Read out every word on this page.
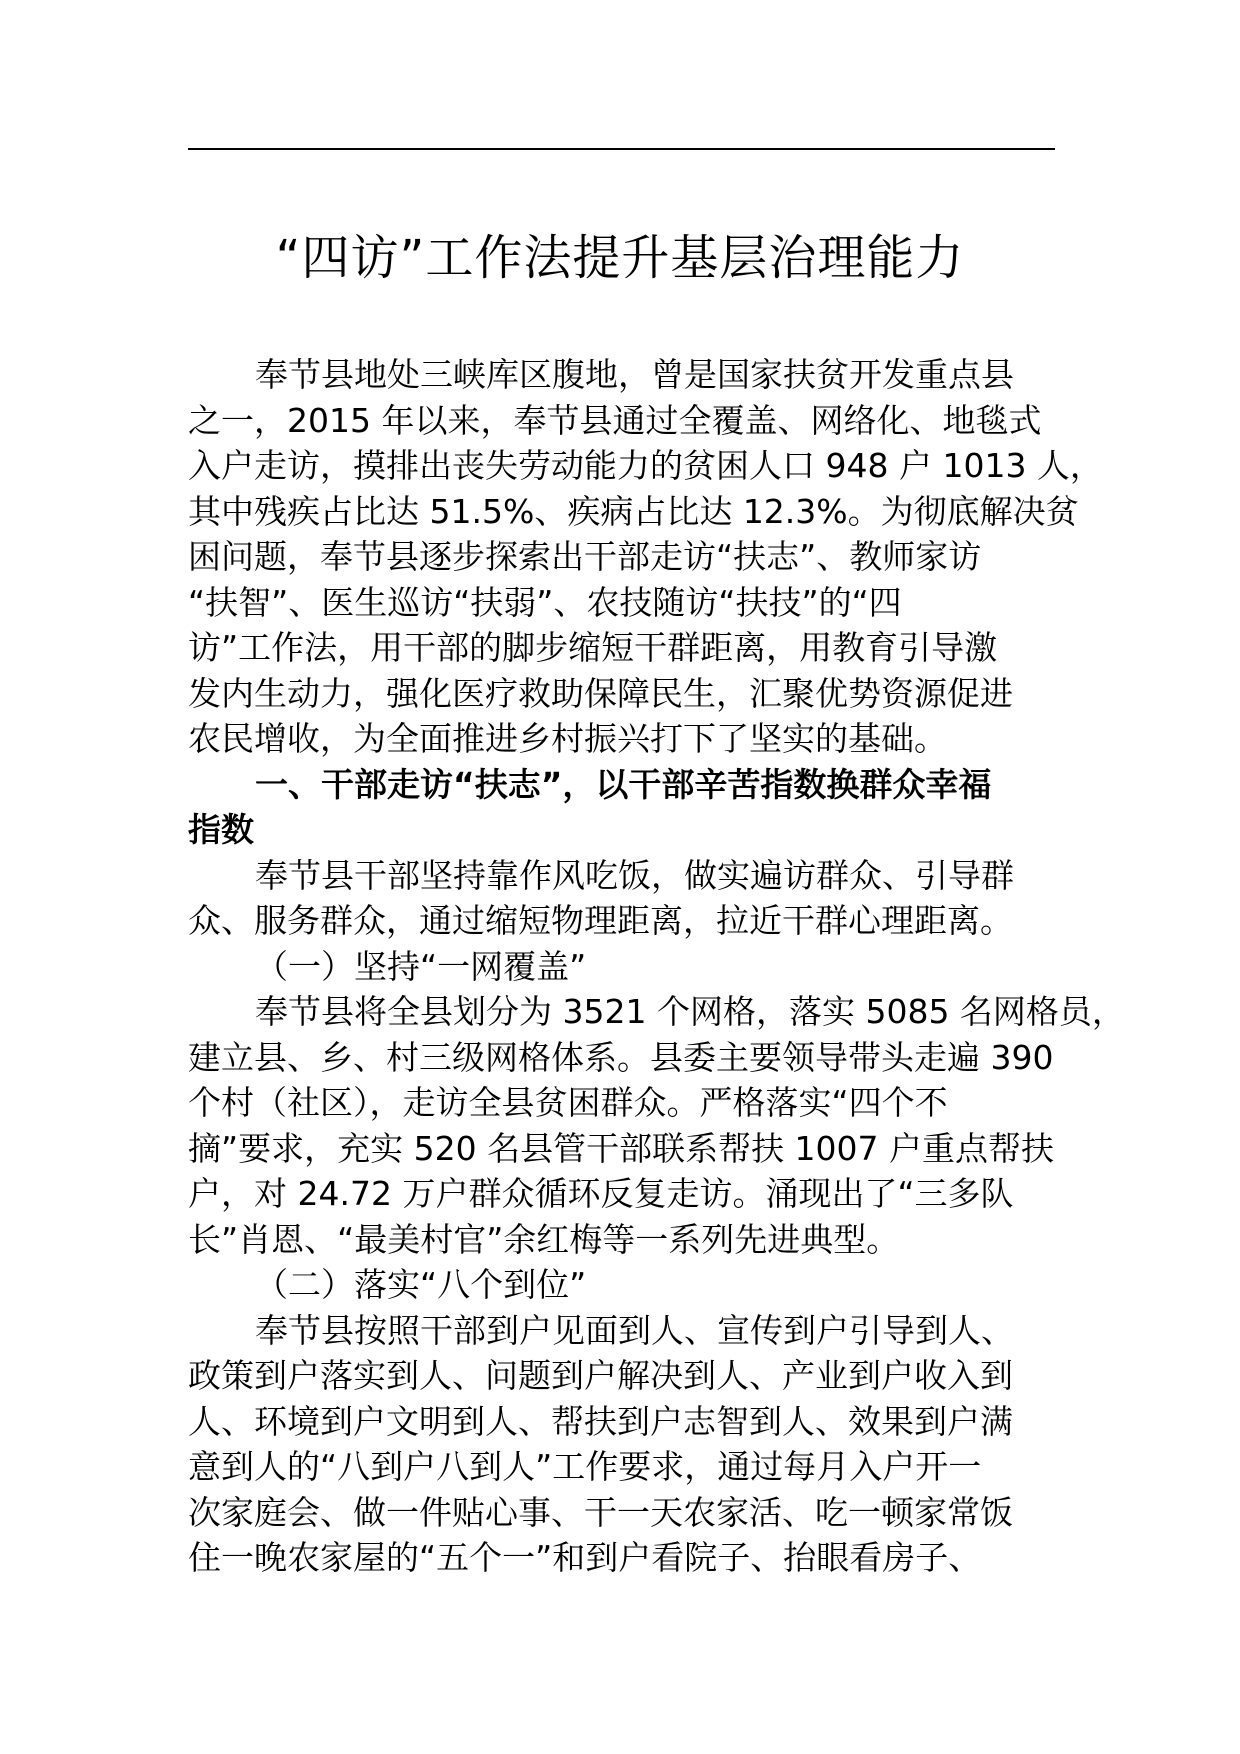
“四访”工作法提升基层治理能力
奉节县地处三峡库区腹地，曾是国家扶贫开发重点县
之一，2015 年以来，奉节县通过全覆盖、网络化、地毯式
入户走访，摸排出丧失劳动能力的贫困人口 948 户 1013 人，
其中残疾占比达 51.5%、疾病占比达 12.3%。为彻底解决贫
困问题，奉节县逐步探索出干部走访“扶志”、教师家访
“扶智”、医生巡访“扶弱”、农技随访“扶技”的“四
访”工作法，用干部的脚步缩短干群距离，用教育引导激
发内生动力，强化医疗救助保障民生，汇聚优势资源促进
农民增收，为全面推进乡村振兴打下了坚实的基础。
一、干部走访“扶志”，以干部辛苦指数换群众幸福
指数
奉节县干部坚持靠作风吃饭，做实遍访群众、引导群
众、服务群众，通过缩短物理距离，拉近干群心理距离。
（一）坚持“一网覆盖”
奉节县将全县划分为 3521 个网格，落实 5085 名网格员，
建立县、乡、村三级网格体系。县委主要领导带头走遍 390
个村（社区），走访全县贫困群众。严格落实“四个不
摘”要求，充实 520 名县管干部联系帮扶 1007 户重点帮扶
户，对 24.72 万户群众循环反复走访。涌现出了“三多队
长”肖恩、“最美村官”余红梅等一系列先进典型。
（二）落实“八个到位”
奉节县按照干部到户见面到人、宣传到户引导到人、
政策到户落实到人、问题到户解决到人、产业到户收入到
人、环境到户文明到人、帮扶到户志智到人、效果到户满
意到人的“八到户八到人”工作要求，通过每月入户开一
次家庭会、做一件贴心事、干一天农家活、吃一顿家常饭
住一晚农家屋的“五个一”和到户看院子、抬眼看房子、
